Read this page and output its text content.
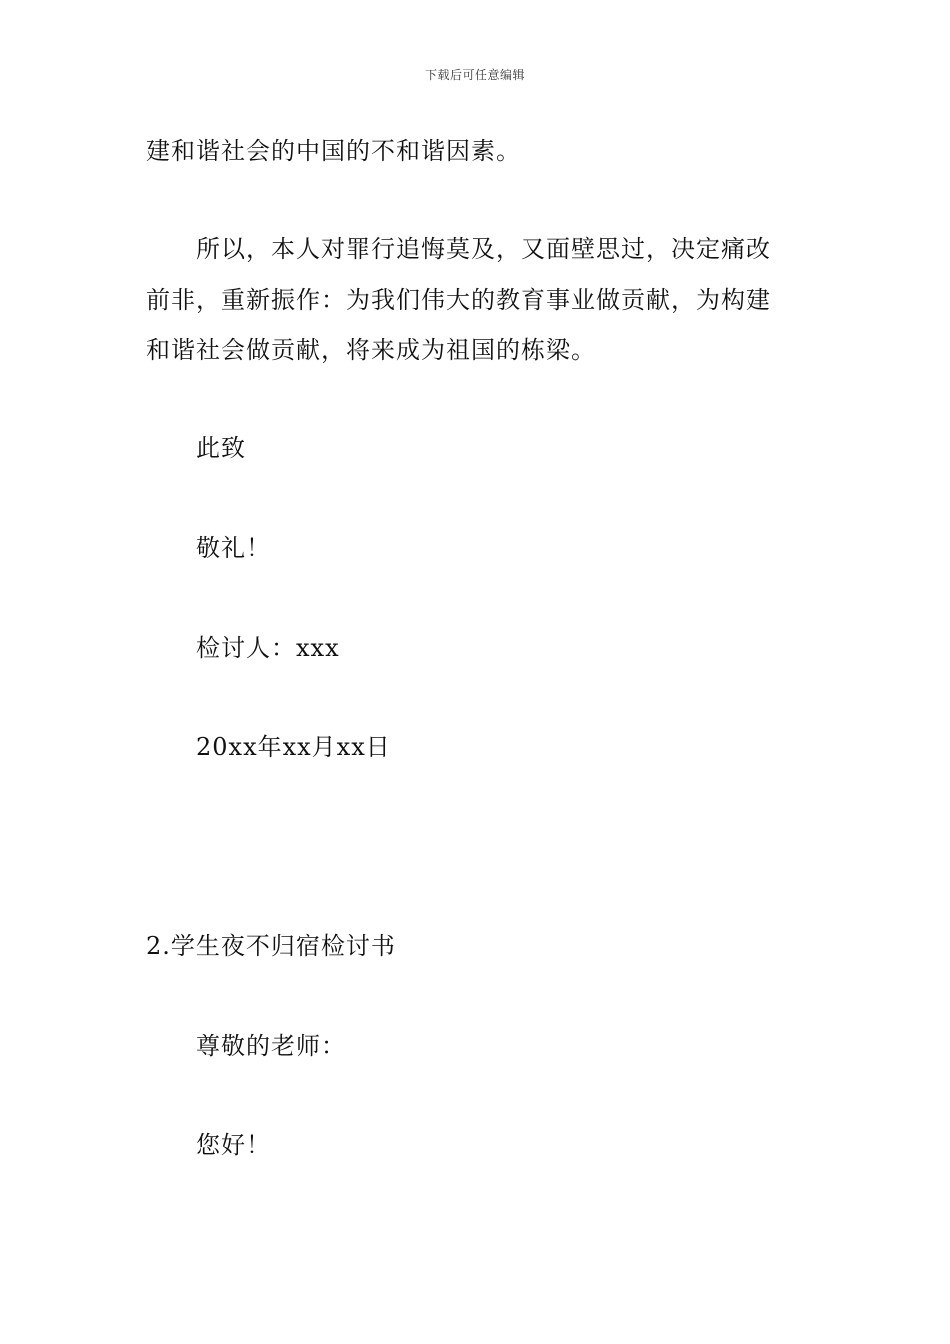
下载后可任意编辑
建和谐社会的中国的不和谐因素。
所以，本人对罪行追悔莫及，又面壁思过，决定痛改
前非，重新振作：为我们伟大的教育事业做贡献，为构建
和谐社会做贡献，将来成为祖国的栋梁。
此致
敬礼！
检讨人：xxx
20xx年xx月xx日
2.学生夜不归宿检讨书
尊敬的老师：
您好！
